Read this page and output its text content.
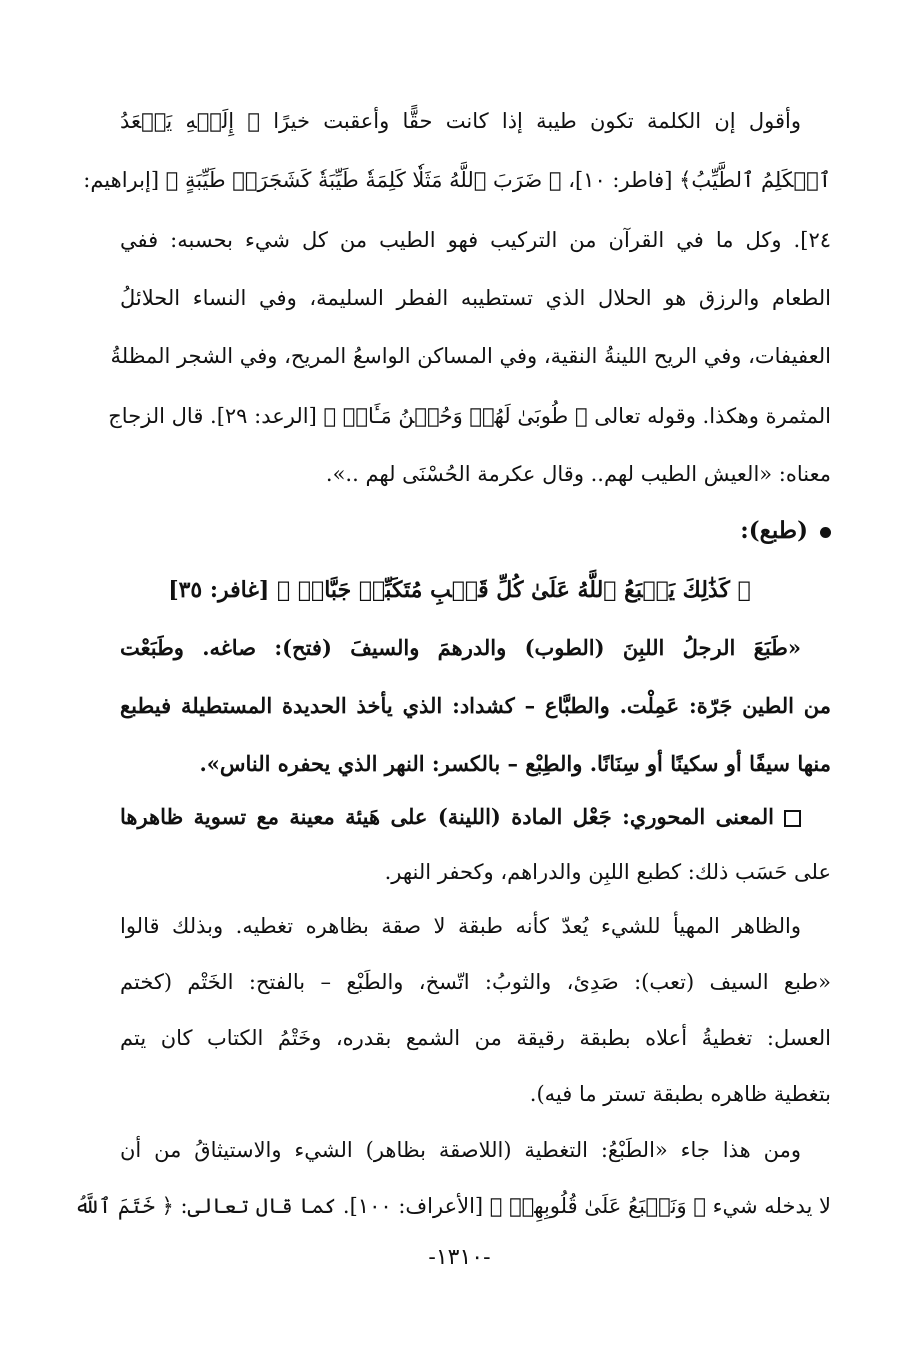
وأقول إن الكلمة تكون طيبة إذا كانت حقًّا وأعقبت خيرًا ﴿ إِلَيۡهِ يَصۡعَدُ
ٱلۡكَلِمُ ٱلطَّيِّبُ﴾ [فاطر: ١٠]، ﴿ ضَرَبَ ٱللَّهُ مَثَلٗا كَلِمَةٗ طَيِّبَةٗ كَشَجَرَةٖ طَيِّبَةٍ ﴾ [إبراهيم:
٢٤]. وكل ما في القرآن من التركيب فهو الطيب من كل شيء بحسبه: ففي
الطعام والرزق هو الحلال الذي تستطيبه الفطر السليمة، وفي النساء الحلائلُ
العفيفات، وفي الريح اللينةُ النقية، وفي المساكن الواسعُ المريح، وفي الشجر المظلةُ
المثمرة وهكذا. وقوله تعالى ﴿ طُوبَىٰ لَهُمۡ وَحُسۡنُ مَـَٔابٖ ﴾ [الرعد: ٢٩]. قال الزجاج
معناه: «العيش الطيب لهم.. وقال عكرمة الحُسْنَى لهم ..».
(طبع):
﴿ كَذَٰلِكَ يَطۡبَعُ ٱللَّهُ عَلَىٰ كُلِّ قَلۡبِ مُتَكَبِّرٖ جَبَّارٖ ﴾ [غافر: ٣٥]
«طَبَعَ الرجلُ اللبِنَ (الطوب) والدرهمَ والسيفَ (فتح): صاغه. وطَبَعْت
من الطين جَرّة: عَمِلْت. والطبَّاع – كشداد: الذي يأخذ الحديدة المستطيلة فيطبع
منها سيفًا أو سكينًا أو سِنَانًا. والطِبْع – بالكسر: النهر الذي يحفره الناس».
المعنى المحوري: جَعْل المادة (اللينة) على هَيئة معينة مع تسوية ظاهرها
على حَسَب ذلك: كطبع اللبِن والدراهم، وكحفر النهر.
والظاهر المهيأ للشيء يُعدّ كأنه طبقة لا صقة بظاهره تغطيه. وبذلك قالوا
«طبع السيف (تعب): صَدِئ، والثوبُ: اتّسخ، والطَبْع – بالفتح: الخَتْم (كختم
العسل: تغطيةُ أعلاه بطبقة رقيقة من الشمع بقدره، وخَتْمُ الكتاب كان يتم
بتغطية ظاهره بطبقة تستر ما فيه).
ومن هذا جاء «الطَبْعُ: التغطية (اللاصقة بظاهر) الشيء والاستيثاقُ من أن
لا يدخله شيء ﴿ وَنَطۡبَعُ عَلَىٰ قُلُوبِهِمۡ ﴾ [الأعراف: ١٠٠]. كما قال تعالى: ﴿ خَتَمَ ٱللَّهُ
-١٣١٠-
